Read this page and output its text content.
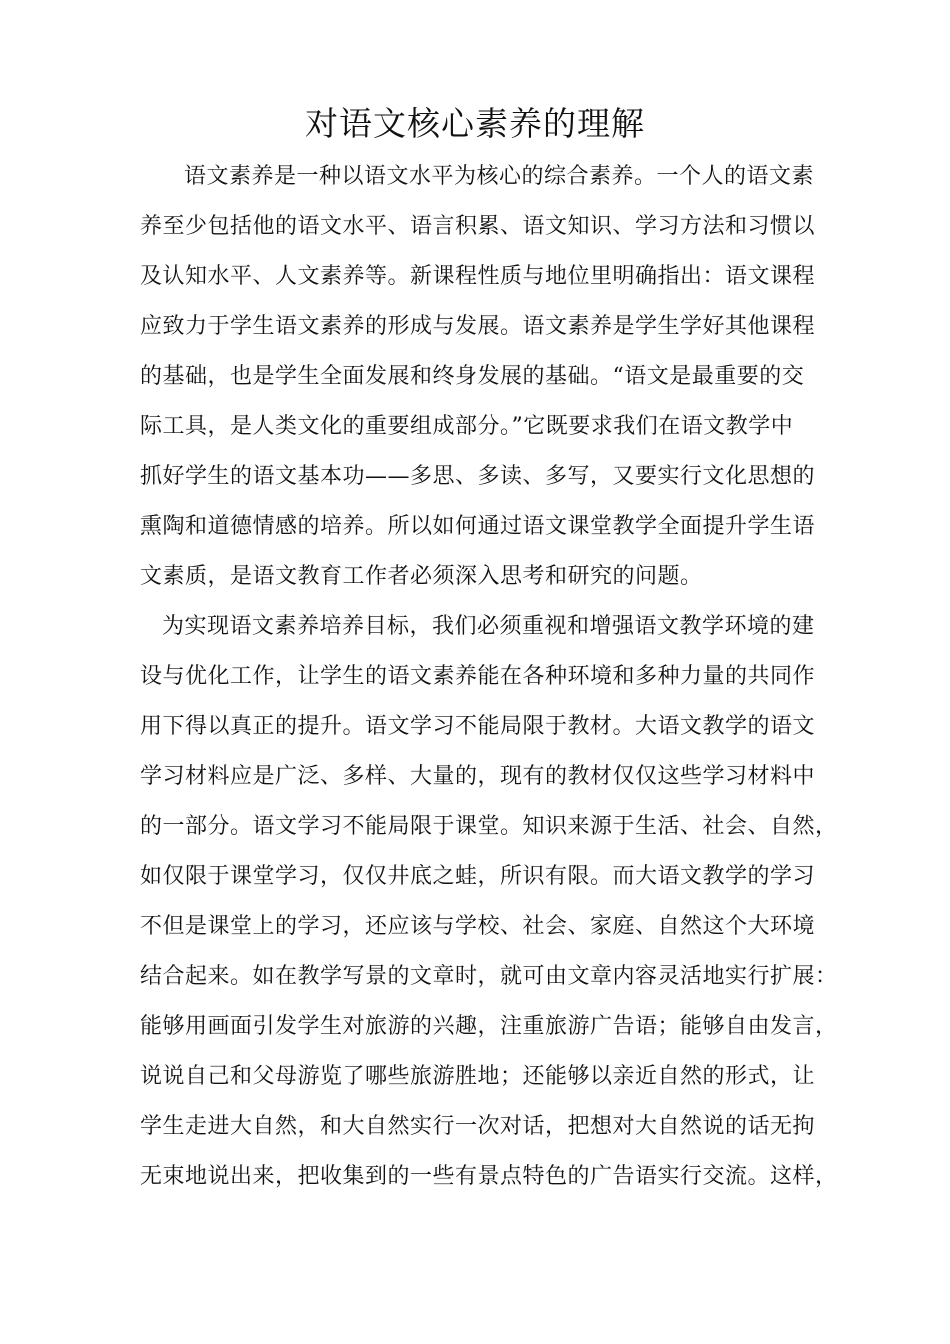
对语文核心素养的理解
语文素养是一种以语文水平为核心的综合素养。一个人的语文素
养至少包括他的语文水平、语言积累、语文知识、学习方法和习惯以
及认知水平、人文素养等。新课程性质与地位里明确指出：语文课程
应致力于学生语文素养的形成与发展。语文素养是学生学好其他课程
的基础，也是学生全面发展和终身发展的基础。“语文是最重要的交
际工具，是人类文化的重要组成部分。”它既要求我们在语文教学中
抓好学生的语文基本功——多思、多读、多写，又要实行文化思想的
熏陶和道德情感的培养。所以如何通过语文课堂教学全面提升学生语
文素质，是语文教育工作者必须深入思考和研究的问题。
为实现语文素养培养目标，我们必须重视和增强语文教学环境的建
设与优化工作，让学生的语文素养能在各种环境和多种力量的共同作
用下得以真正的提升。语文学习不能局限于教材。大语文教学的语文
学习材料应是广泛、多样、大量的，现有的教材仅仅这些学习材料中
的一部分。语文学习不能局限于课堂。知识来源于生活、社会、自然，
如仅限于课堂学习，仅仅井底之蛙，所识有限。而大语文教学的学习
不但是课堂上的学习，还应该与学校、社会、家庭、自然这个大环境
结合起来。如在教学写景的文章时，就可由文章内容灵活地实行扩展：
能够用画面引发学生对旅游的兴趣，注重旅游广告语；能够自由发言，
说说自己和父母游览了哪些旅游胜地；还能够以亲近自然的形式，让
学生走进大自然，和大自然实行一次对话，把想对大自然说的话无拘
无束地说出来，把收集到的一些有景点特色的广告语实行交流。这样，
